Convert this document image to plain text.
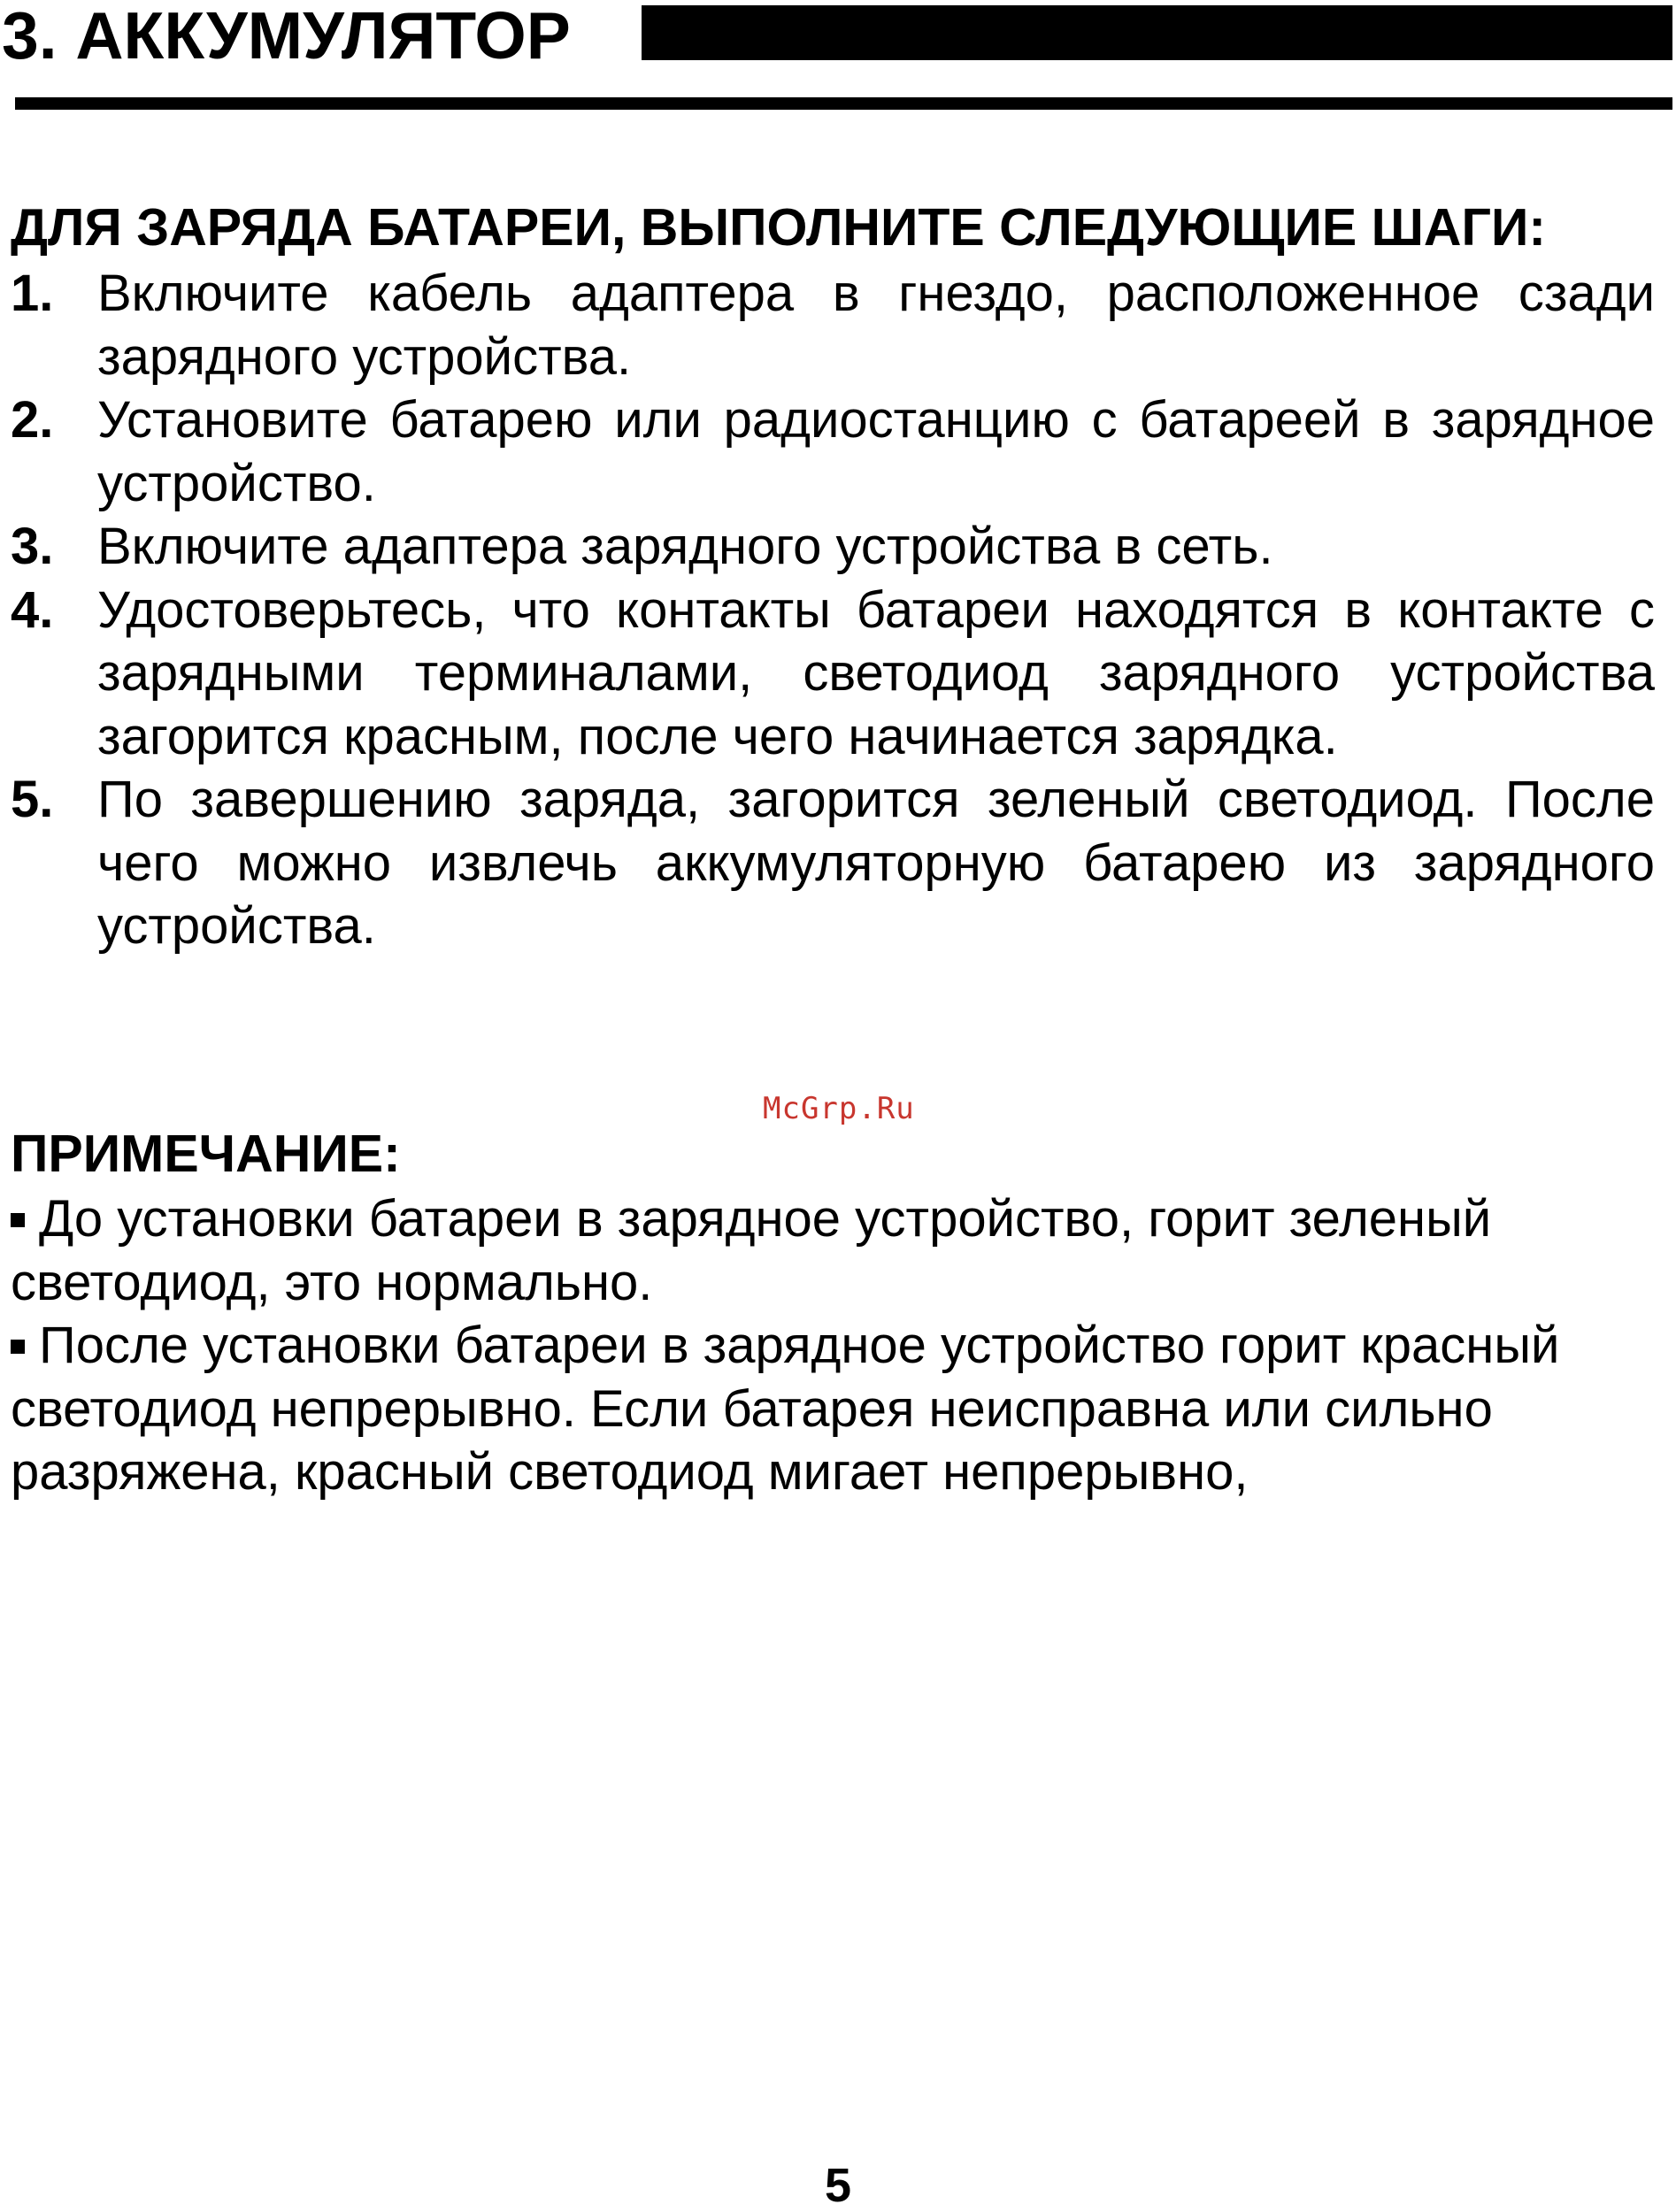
3. АККУМУЛЯТОР
ДЛЯ ЗАРЯДА БАТАРЕИ, ВЫПОЛНИТЕ СЛЕДУЮЩИЕ ШАГИ:
1. Включите кабель адаптера в гнездо, расположенное сзади зарядного устройства.
2. Установите батарею или радиостанцию с батареей в зарядное устройство.
3. Включите адаптера зарядного устройства в сеть.
4. Удостоверьтесь, что контакты батареи находятся в контакте с зарядными терминалами, светодиод зарядного устройства загорится красным, после чего начинается зарядка.
5. По завершению заряда, загорится зеленый светодиод. После чего можно извлечь аккумуляторную батарею из зарядного устройства.
McGrp.Ru
ПРИМЕЧАНИЕ:

До установки батареи в зарядное устройство, горит зеленый светодиод, это нормально.

После установки батареи в зарядное устройство горит красный светодиод непрерывно. Если батарея неисправна или сильно разряжена, красный светодиод мигает непрерывно,

5
